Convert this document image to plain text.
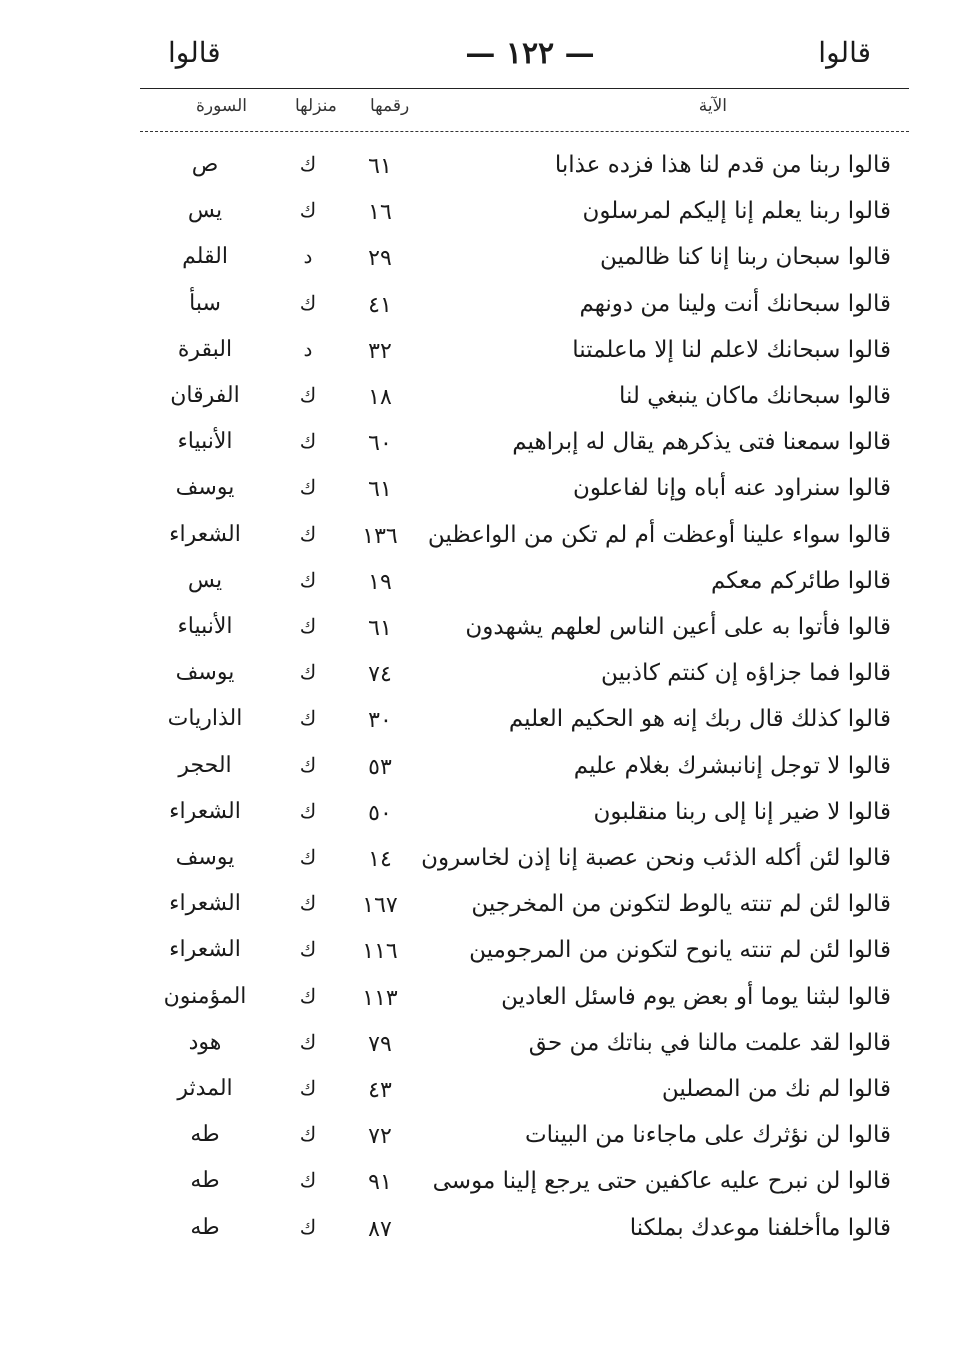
قالوا
— ١٢٢ —
قالوا
الآية
رقمها
منزلها
السورة
قالوا ربنا من قدم لنا هذا فزده عذابا
٦١
ك
ص
قالوا ربنا يعلم إنا إليكم لمرسلون
١٦
ك
يس
قالوا سبحان ربنا إنا كنا ظالمين
٢٩
د
القلم
قالوا سبحانك أنت ولينا من دونهم
٤١
ك
سبأ
قالوا سبحانك لاعلم لنا إلا ماعلمتنا
٣٢
د
البقرة
قالوا سبحانك ماكان ينبغي لنا
١٨
ك
الفرقان
قالوا سمعنا فتى يذكرهم يقال له إبراهيم
٦٠
ك
الأنبياء
قالوا سنراود عنه أباه وإنا لفاعلون
٦١
ك
يوسف
قالوا سواء علينا أوعظت أم لم تكن من الواعظين
١٣٦
ك
الشعراء
قالوا طائركم معكم
١٩
ك
يس
قالوا فأتوا به على أعين الناس لعلهم يشهدون
٦١
ك
الأنبياء
قالوا فما جزاؤه إن كنتم كاذبين
٧٤
ك
يوسف
قالوا كذلك قال ربك إنه هو الحكيم العليم
٣٠
ك
الذاريات
قالوا لا توجل إنانبشرك بغلام عليم
٥٣
ك
الحجر
قالوا لا ضير إنا إلى ربنا منقلبون
٥٠
ك
الشعراء
قالوا لئن أكله الذئب ونحن عصبة إنا إذن لخاسرون
١٤
ك
يوسف
قالوا لئن لم تنته يالوط لتكونن من المخرجين
١٦٧
ك
الشعراء
قالوا لئن لم تنته يانوح لتكونن من المرجومين
١١٦
ك
الشعراء
قالوا لبثنا يوما أو بعض يوم فاسئل العادين
١١٣
ك
المؤمنون
قالوا لقد علمت مالنا في بناتك من حق
٧٩
ك
هود
قالوا لم نك من المصلين
٤٣
ك
المدثر
قالوا لن نؤثرك على ماجاءنا من البينات
٧٢
ك
طه
قالوا لن نبرح عليه عاكفين حتى يرجع إلينا موسى
٩١
ك
طه
قالوا ماأخلفنا موعدك بملكنا
٨٧
ك
طه
